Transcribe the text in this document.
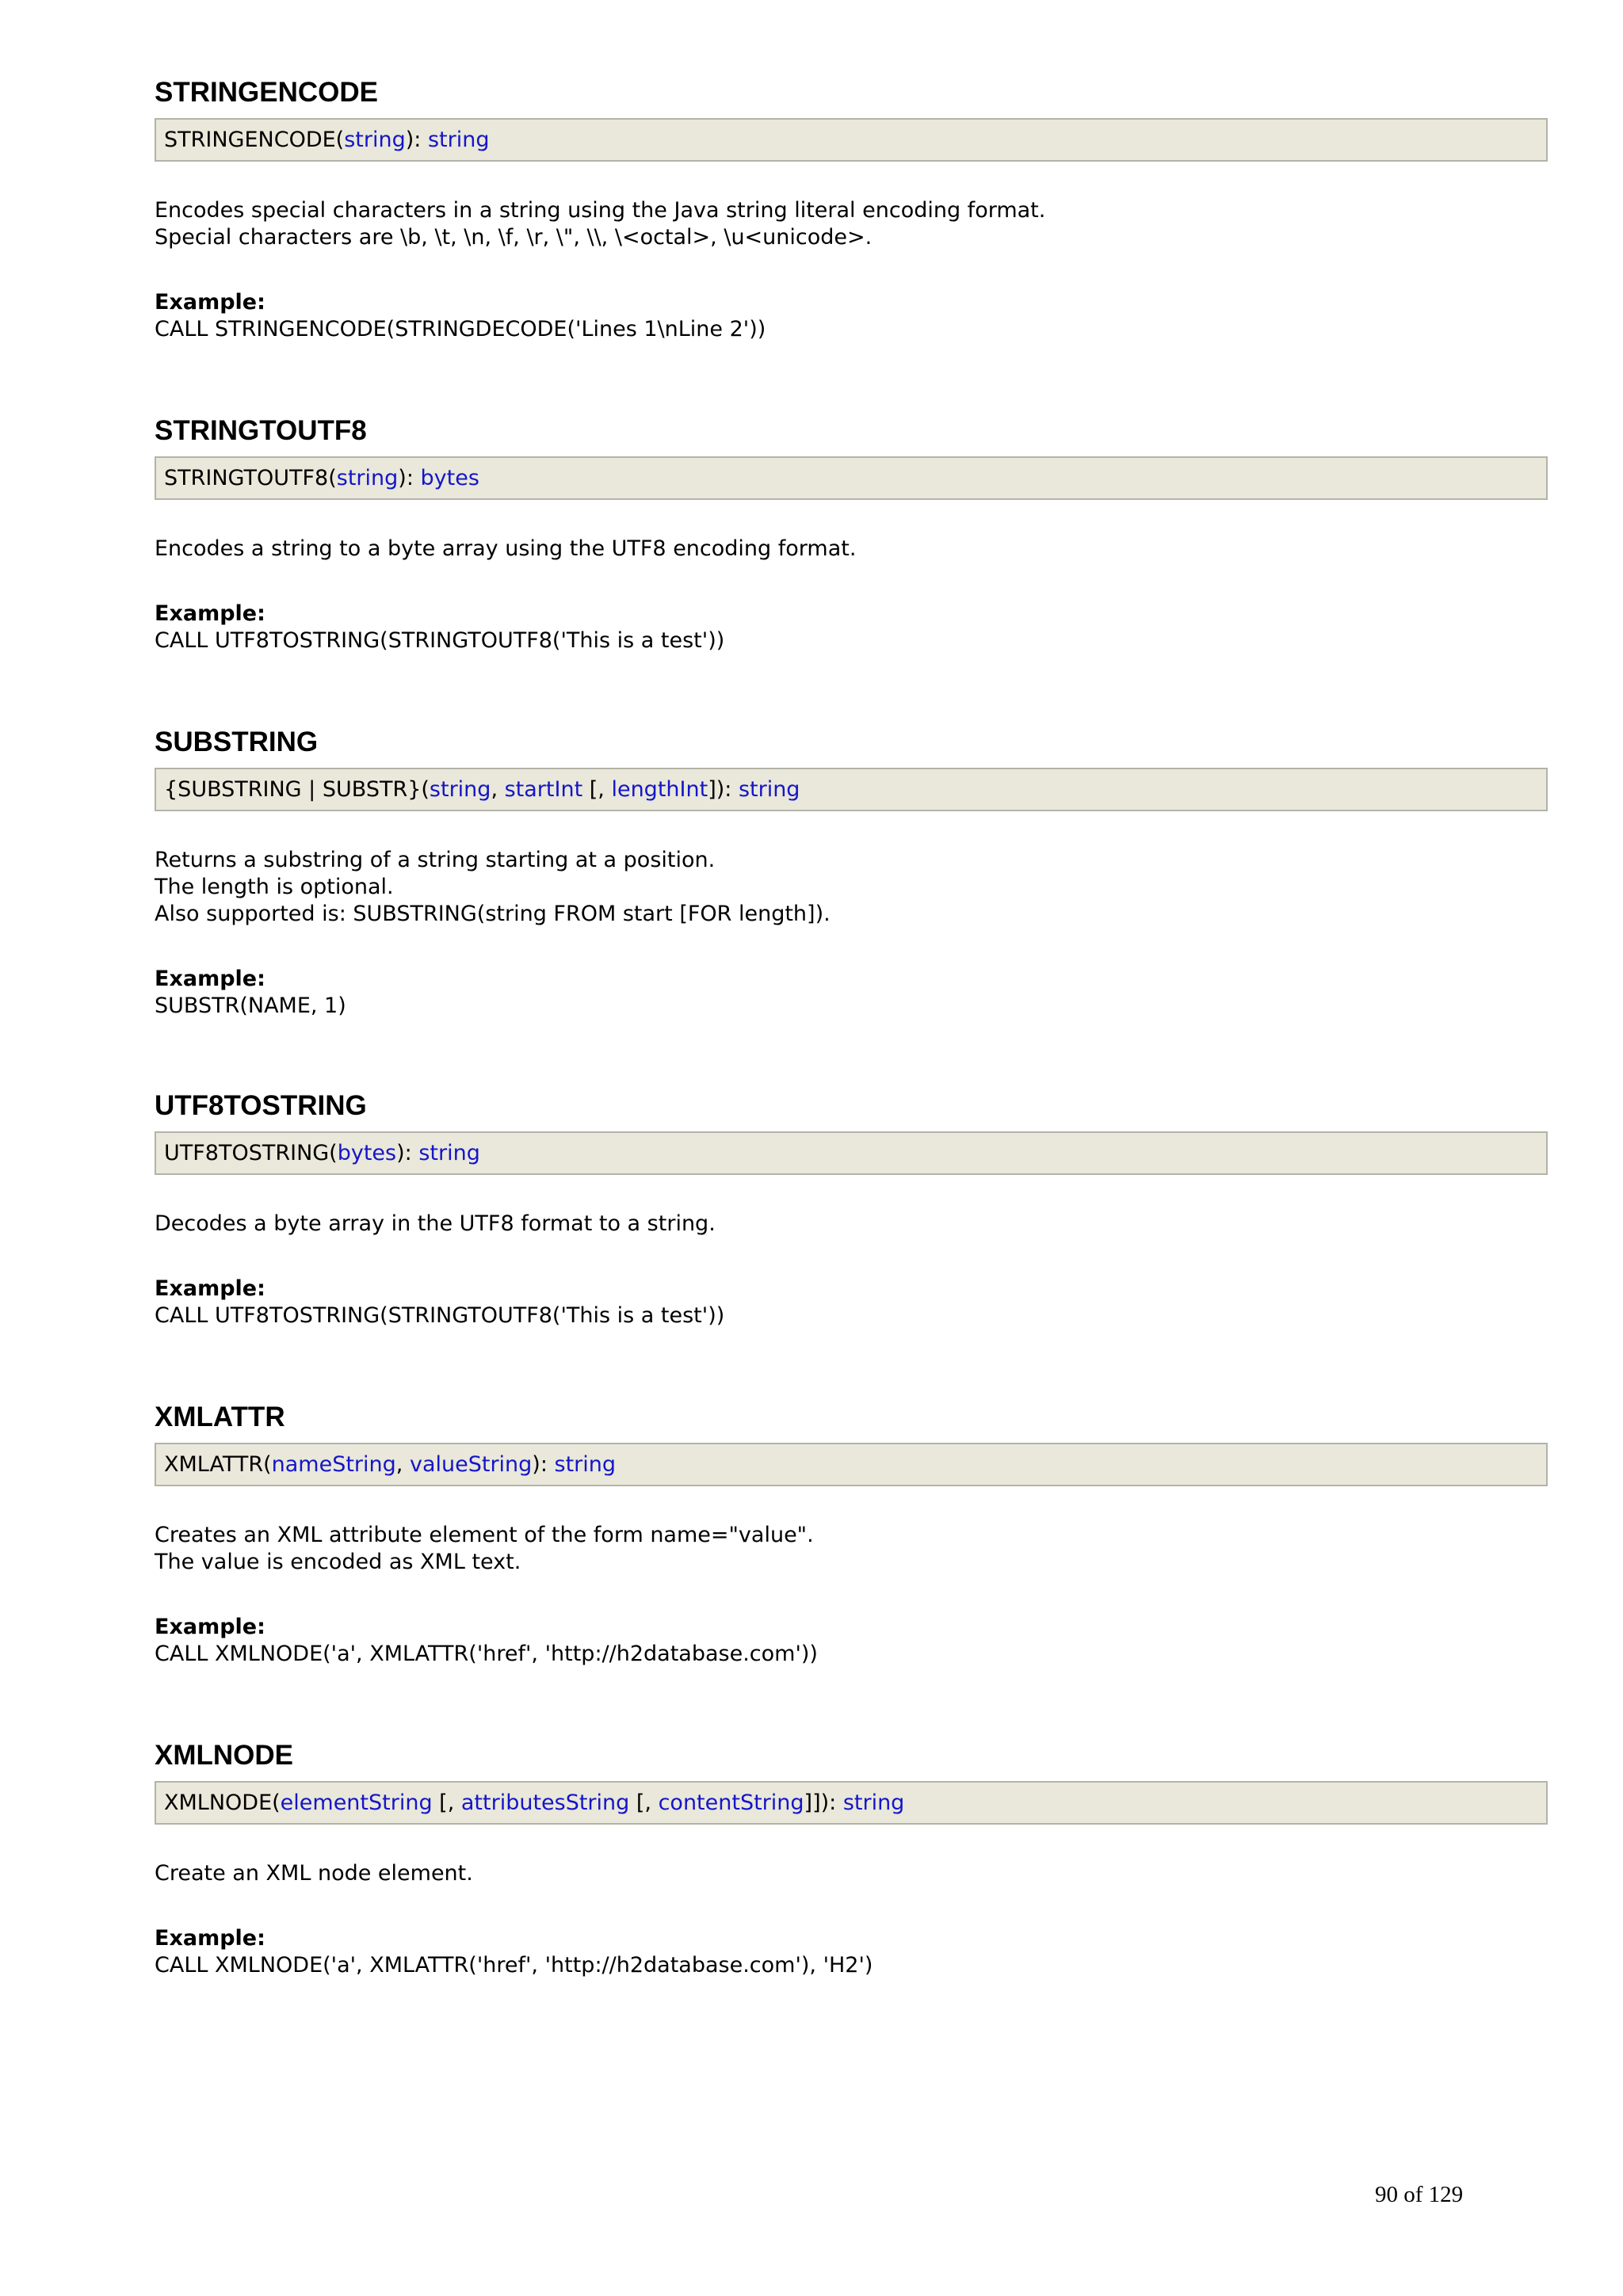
STRINGENCODE
STRINGENCODE(string): string
Encodes special characters in a string using the Java string literal encoding format.
Special characters are \b, \t, \n, \f, \r, \", \\, \<octal>, \u<unicode>.
Example:
CALL STRINGENCODE(STRINGDECODE('Lines 1\nLine 2'))
STRINGTOUTF8
STRINGTOUTF8(string): bytes
Encodes a string to a byte array using the UTF8 encoding format.
Example:
CALL UTF8TOSTRING(STRINGTOUTF8('This is a test'))
SUBSTRING
{SUBSTRING | SUBSTR}(string, startInt [, lengthInt]): string
Returns a substring of a string starting at a position.
The length is optional.
Also supported is: SUBSTRING(string FROM start [FOR length]).
Example:
SUBSTR(NAME, 1)
UTF8TOSTRING
UTF8TOSTRING(bytes): string
Decodes a byte array in the UTF8 format to a string.
Example:
CALL UTF8TOSTRING(STRINGTOUTF8('This is a test'))
XMLATTR
XMLATTR(nameString, valueString): string
Creates an XML attribute element of the form name="value".
The value is encoded as XML text.
Example:
CALL XMLNODE('a', XMLATTR('href', 'http://h2database.com'))
XMLNODE
XMLNODE(elementString [, attributesString [, contentString]]): string
Create an XML node element.
Example:
CALL XMLNODE('a', XMLATTR('href', 'http://h2database.com'), 'H2')
90 of 129
